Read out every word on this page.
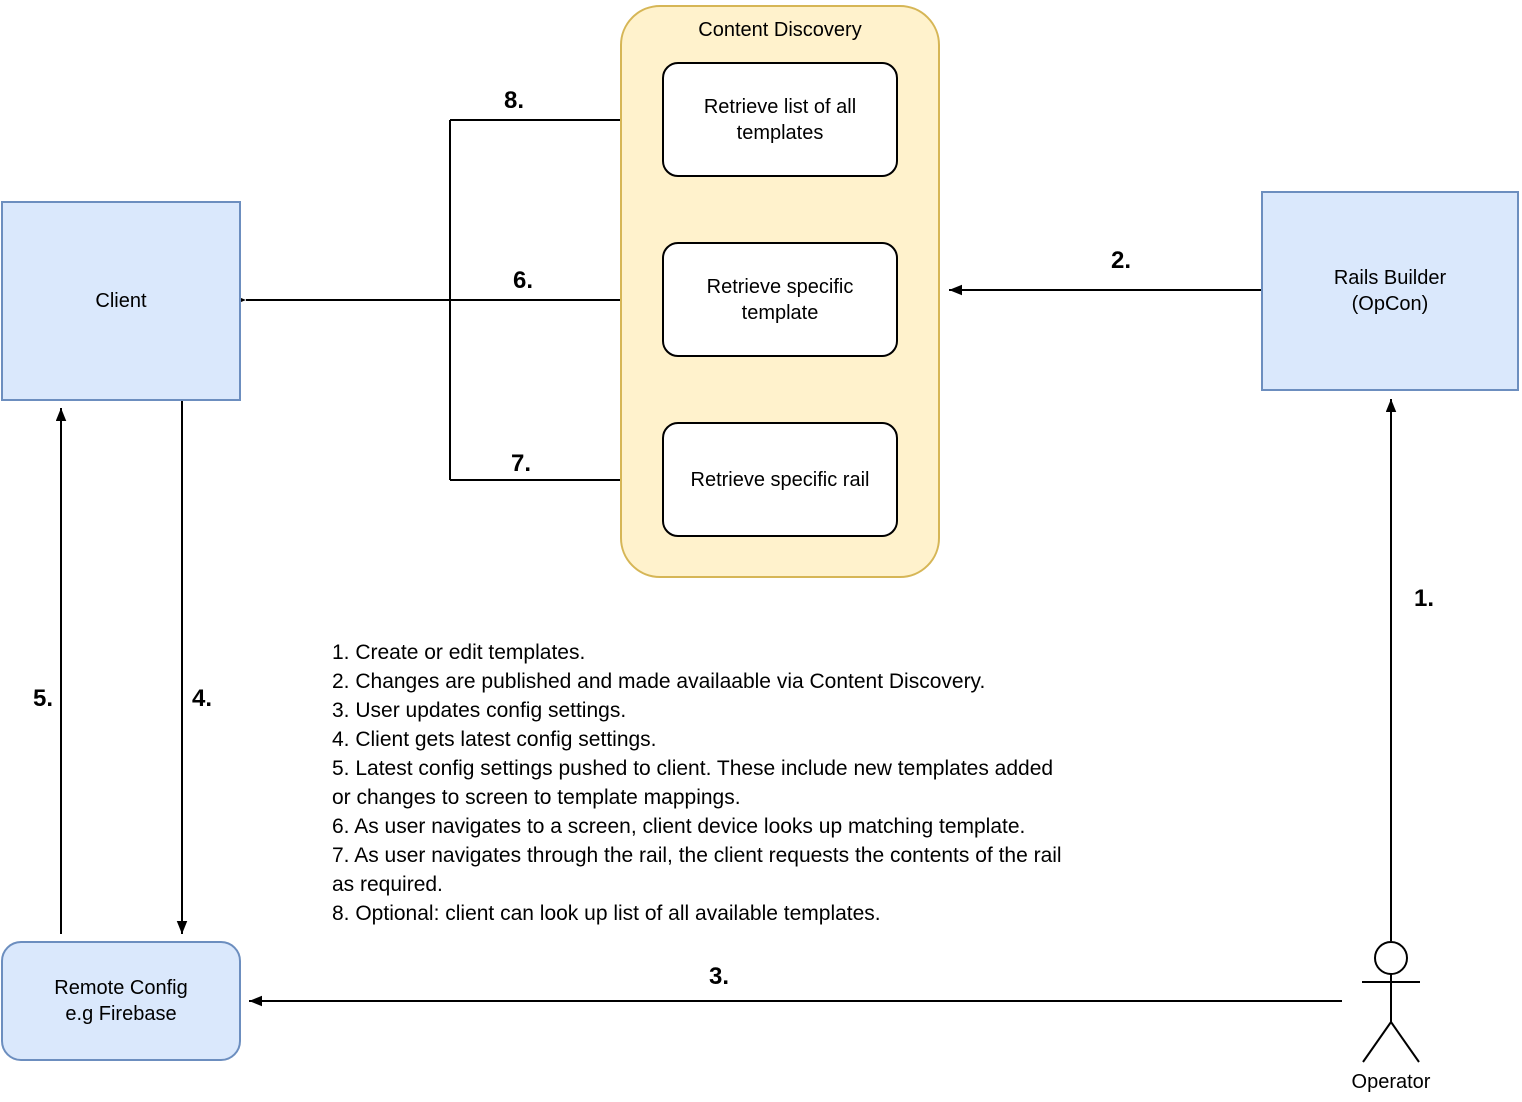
Content Discovery
Retrieve list of all templates
Retrieve specific template
Retrieve specific rail
Client
Rails Builder
(OpCon)
Remote Config
e.g Firebase
Operator
8.
6.
7.
2.
1.
5.	4.
3.
1. Create or edit templates.
2. Changes are published and made availaable via Content Discovery.
3. User updates config settings.
4. Client gets latest config settings.
5. Latest config settings pushed to client. These include new templates added
or changes to screen to template mappings.
6. As user navigates to a screen, client device looks up matching template.
7. As user navigates through the rail, the client requests the contents of the rail
as required.
8. Optional: client can look up list of all available templates.
